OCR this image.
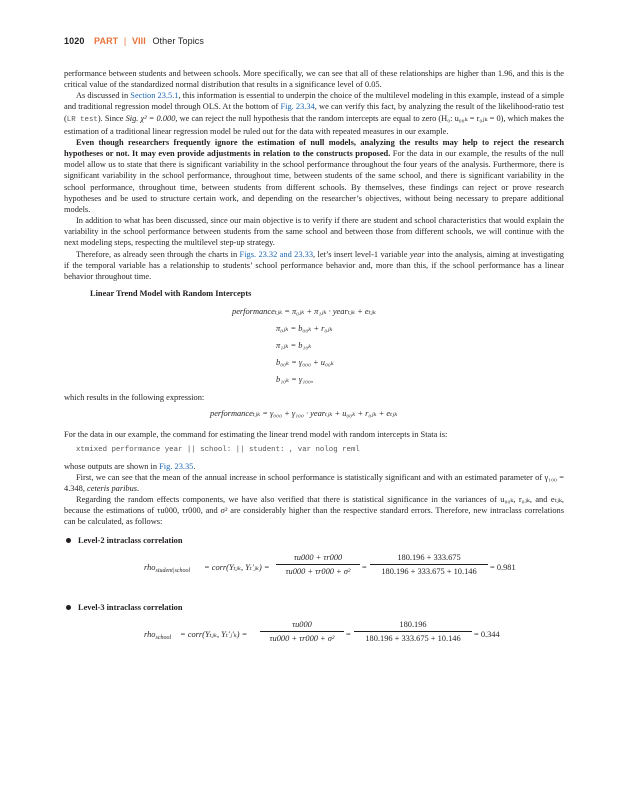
1020 PART | VIII Other Topics

performance between students and between schools. More specifically, we can see that all of these relationships are higher than 1.96, and this is the critical value of the standardized normal distribution that results in a significance level of 0.05.

As discussed in Section 23.5.1, this information is essential to underpin the choice of the multilevel modeling in this example, instead of a simple and traditional regression model through OLS. At the bottom of Fig. 23.34, we can verify this fact, by analyzing the result of the likelihood-ratio test (LR test). Since Sig. χ² = 0.000, we can reject the null hypothesis that the random intercepts are equal to zero (H₀: u₀₀ₖ = r₀ⱼₖ = 0), which makes the estimation of a traditional linear regression model be ruled out for the data with repeated measures in our example.

Even though researchers frequently ignore the estimation of null models, analyzing the results may help to reject the research hypotheses or not. It may even provide adjustments in relation to the constructs proposed. For the data in our example, the results of the null model allow us to state that there is significant variability in the school performance throughout the four years of the analysis. Furthermore, there is significant variability in the school performance, throughout time, between students of the same school, and there is significant variability in the school performance, throughout time, between students from different schools. By themselves, these findings can reject or prove research hypotheses and be used to structure certain work, and depending on the researcher’s objectives, without being necessary to prepare additional models.

In addition to what has been discussed, since our main objective is to verify if there are student and school characteristics that would explain the variability in the school performance between students from the same school and between those from different schools, we will continue with the next modeling steps, respecting the multilevel step-up strategy.

Therefore, as already seen through the charts in Figs. 23.32 and 23.33, let’s insert level-1 variable year into the analysis, aiming at investigating if the temporal variable has a relationship to students’ school performance behavior and, more than this, if the school performance has a linear behavior throughout time.

Linear Trend Model with Random Intercepts
performanceₜⱼₖ = π₀ⱼₖ + π₁ⱼₖ · yearₜⱼₖ + eₜⱼₖ
π₀ⱼₖ = b₀₀ₖ + r₀ⱼₖ
π₁ⱼₖ = b₁₀ₖ
b₀₀ₖ = γ₀₀₀ + u₀₀ₖ
b₁₀ₖ = γ₁₀₀,

which results in the following expression:

performanceₜⱼₖ = γ₀₀₀ + γ₁₀₀ · yearₜⱼₖ + u₀₀ₖ + r₀ⱼₖ + eₜⱼₖ

For the data in our example, the command for estimating the linear trend model with random intercepts in Stata is:

xtmixed performance year || school: || student: , var nolog reml

whose outputs are shown in Fig. 23.35.

First, we can see that the mean of the annual increase in school performance is statistically significant and with an estimated parameter of γ₁₀₀ = 4.348, ceteris paribus.

Regarding the random effects components, we have also verified that there is statistical significance in the variances of u₀₀ₖ, r₀ⱼₖ, and eₜⱼₖ, because the estimations of τu000, τr000, and σ² are considerably higher than the respective standard errors. Therefore, new intraclass correlations can be calculated, as follows:

Level-2 intraclass correlation
rho$_{student|school}$ = corr(Yₜⱼₖ, Yₜ′ⱼₖ) = $\frac{\tau u000 + \tau r000}{\text{τu000 + τr000 + σ²}} = \frac{180.196 + 333.675}{180.196 + 333.675 + 10.146} = 0.981$
Level-3 intraclass correlation
rho$_{school}$ = corr(Yₜⱼₖ, Yₜ′ⱼ′ₖ) = $\frac{\tau u000}{\text{τu000 + τr000 + σ²}} = \frac{180.196}{180.196 + 333.675 + 10.146} = 0.344$
